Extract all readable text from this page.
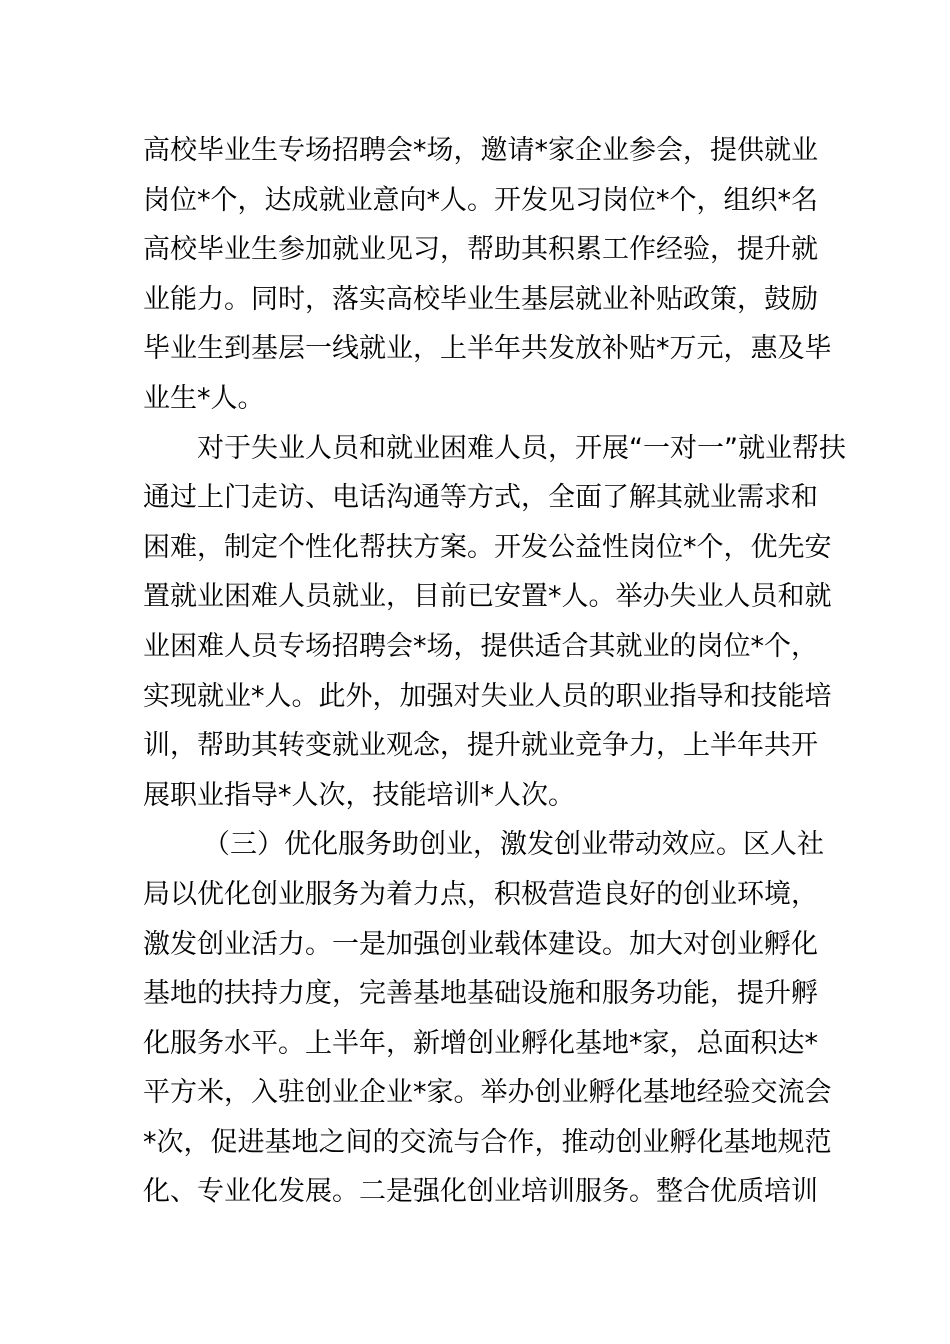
高校毕业生专场招聘会*场，邀请*家企业参会，提供就业
岗位*个，达成就业意向*人。开发见习岗位*个，组织*名
高校毕业生参加就业见习，帮助其积累工作经验，提升就
业能力。同时，落实高校毕业生基层就业补贴政策，鼓励
毕业生到基层一线就业，上半年共发放补贴*万元，惠及毕
业生*人。
对于失业人员和就业困难人员，开展“一对一”就业帮扶
通过上门走访、电话沟通等方式，全面了解其就业需求和
困难，制定个性化帮扶方案。开发公益性岗位*个，优先安
置就业困难人员就业，目前已安置*人。举办失业人员和就
业困难人员专场招聘会*场，提供适合其就业的岗位*个，
实现就业*人。此外，加强对失业人员的职业指导和技能培
训，帮助其转变就业观念，提升就业竞争力，上半年共开
展职业指导*人次，技能培训*人次。
（三）优化服务助创业，激发创业带动效应。区人社
局以优化创业服务为着力点，积极营造良好的创业环境，
激发创业活力。一是加强创业载体建设。加大对创业孵化
基地的扶持力度，完善基地基础设施和服务功能，提升孵
化服务水平。上半年，新增创业孵化基地*家，总面积达*
平方米，入驻创业企业*家。举办创业孵化基地经验交流会
*次，促进基地之间的交流与合作，推动创业孵化基地规范
化、专业化发展。二是强化创业培训服务。整合优质培训
